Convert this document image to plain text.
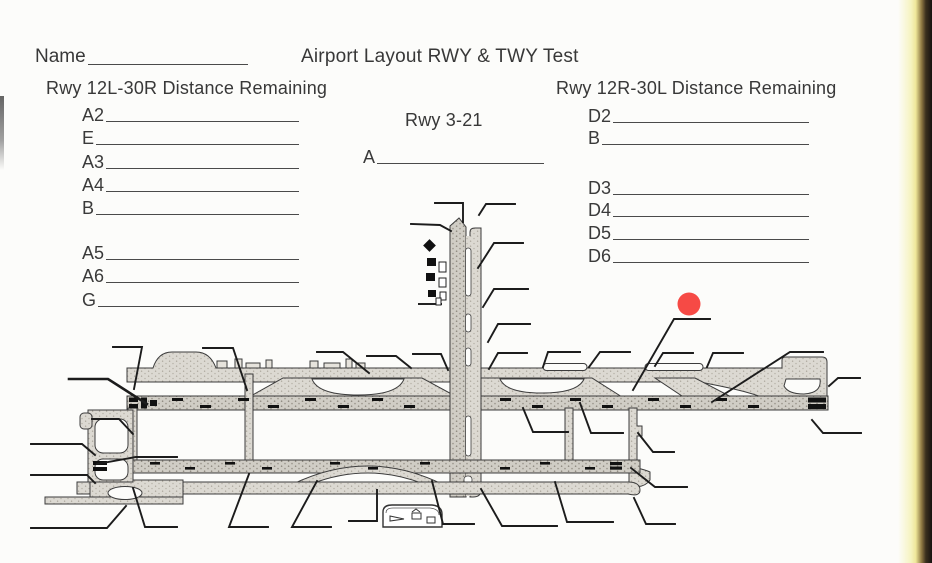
Name	Airport Layout RWY & TWY Test
Rwy 12L-30R Distance Remaining	Rwy 12R-30L Distance Remaining
Rwy 3-21
A2
E
A3
A4
B
A5
A6
G
A
D2
B
D3
D4
D5
D6
